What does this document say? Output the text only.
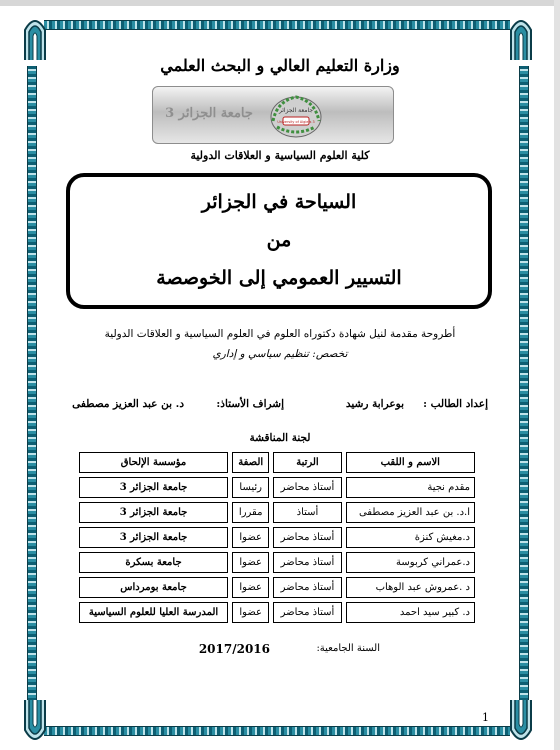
وزارة التعليم العالي و البحث العلمي
جامعة الجزائر 3	جامعة الجزائر
University of Algiers 3
كلية العلوم السياسية و العلاقات الدولية
السياحة في الجزائر
من
التسيير العمومي إلى الخوصصة
أطروحة مقدمة لنيل شهادة دكتوراه العلوم في العلوم السياسية و العلاقات الدولية
تخصص: تنظيم سياسي و إداري
إعداد الطالب :
بوعرابة رشيد
إشراف الأستاذ:
د. بن عبد العزيز مصطفى
لجنة المناقشة
الاسم و اللقب	الرتبة	الصفة	مؤسسة الإلحاق
مقدم نجية	أستاذ محاضر	رئيسا	جامعة الجزائر 3
ا.د. بن عبد العزيز مصطفى	أستاذ	مقررا	جامعة الجزائر 3
د.مغيش كنزة	أستاذ محاضر	عضوا	جامعة الجزائر 3
د.عمراني كربوسة	أستاذ محاضر	عضوا	جامعة بسكرة
د .عمروش عبد الوهاب	أستاذ محاضر	عضوا	جامعة بومرداس
د. كبير سيد احمد	أستاذ محاضر	عضوا	المدرسة العليا للعلوم السياسية
السنة الجامعية:
2017/2016
1
